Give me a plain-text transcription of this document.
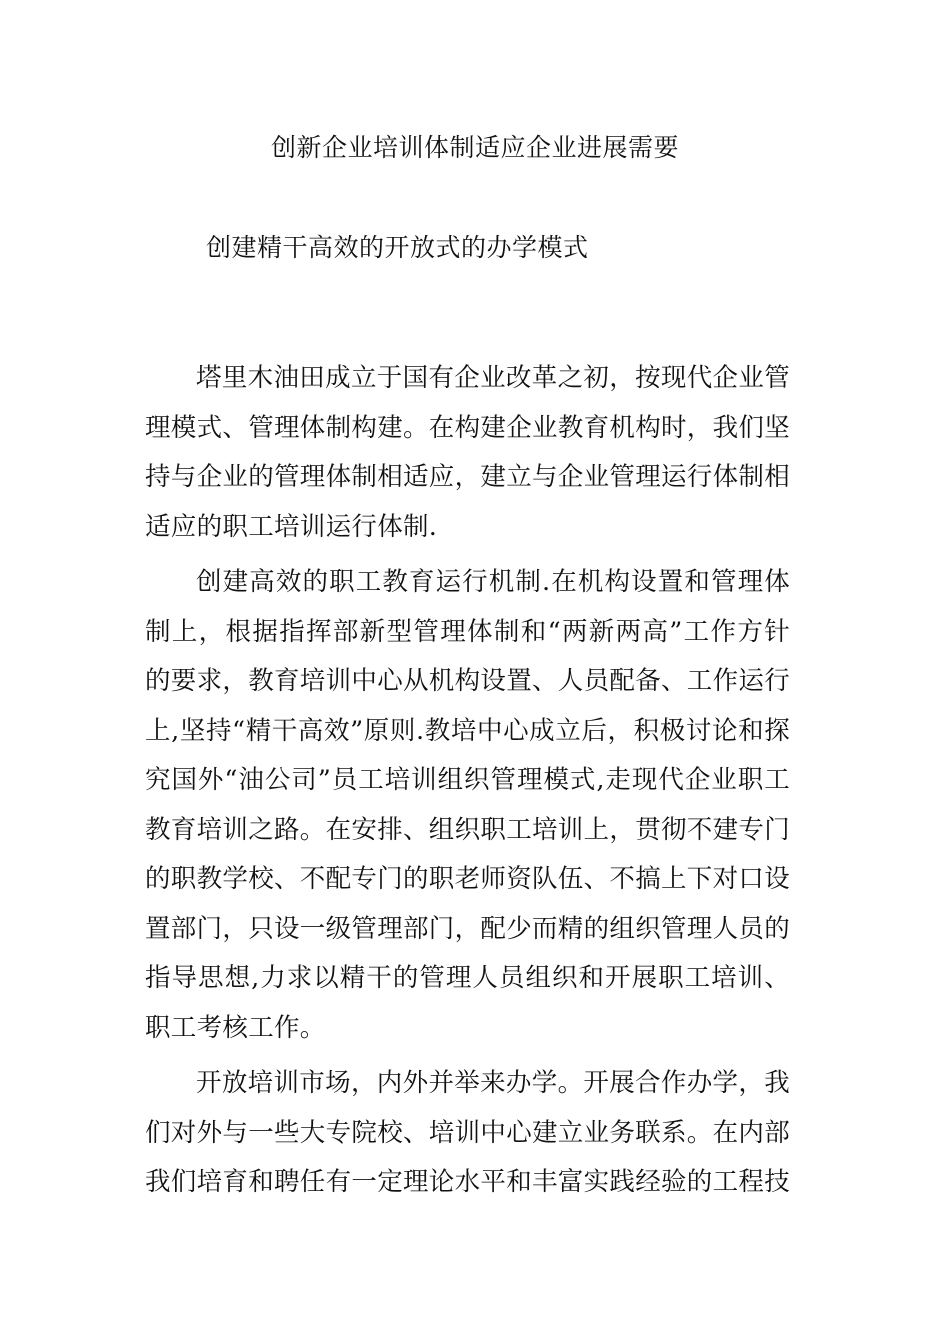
创新企业培训体制适应企业进展需要
创建精干高效的开放式的办学模式

塔里木油田成立于国有企业改革之初，按现代企业管理模式、管理体制构建。在构建企业教育机构时，我们坚持与企业的管理体制相适应，建立与企业管理运行体制相适应的职工培训运行体制.

创建高效的职工教育运行机制.在机构设置和管理体制上，根据指挥部新型管理体制和“两新两高”工作方针的要求，教育培训中心从机构设置、人员配备、工作运行上,坚持“精干高效”原则.教培中心成立后，积极讨论和探究国外“油公司”员工培训组织管理模式,走现代企业职工教育培训之路。在安排、组织职工培训上，贯彻不建专门的职教学校、不配专门的职老师资队伍、不搞上下对口设置部门，只设一级管理部门，配少而精的组织管理人员的指导思想,力求以精干的管理人员组织和开展职工培训、职工考核工作。

开放培训市场，内外并举来办学。开展合作办学，我们对外与一些大专院校、培训中心建立业务联系。在内部我们培育和聘任有一定理论水平和丰富实践经验的工程技
